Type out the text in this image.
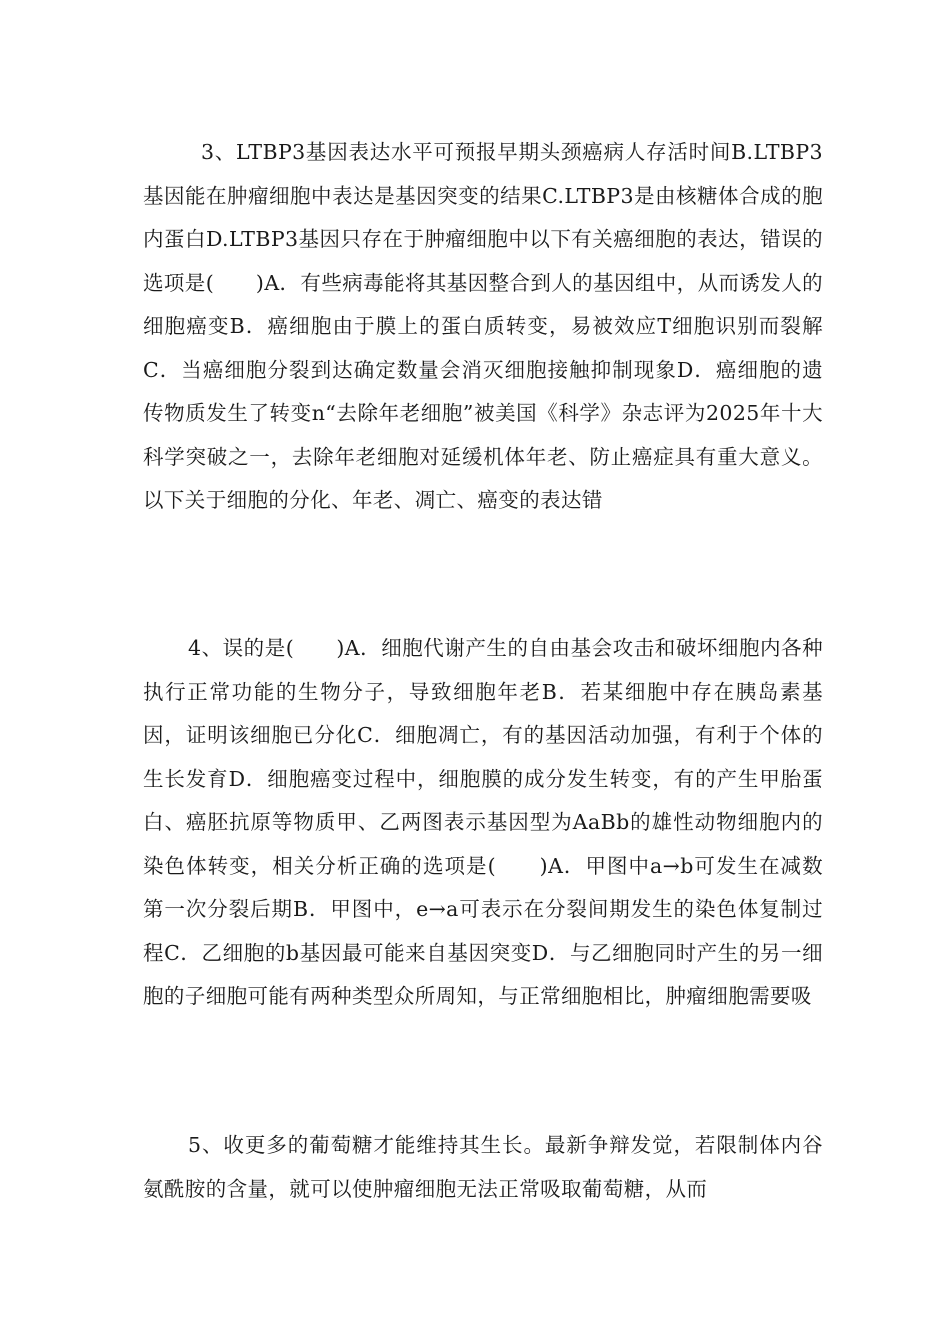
3、LTBP3基因表达水平可预报早期头颈癌病人存活时间B.LTBP3基因能在肿瘤细胞中表达是基因突变的结果C.LTBP3是由核糖体合成的胞内蛋白D.LTBP3基因只存在于肿瘤细胞中以下有关癌细胞的表达，错误的选项是(　　)A．有些病毒能将其基因整合到人的基因组中，从而诱发人的细胞癌变B．癌细胞由于膜上的蛋白质转变，易被效应T细胞识别而裂解C．当癌细胞分裂到达确定数量会消灭细胞接触抑制现象D．癌细胞的遗传物质发生了转变n“去除年老细胞”被美国《科学》杂志评为2025年十大科学突破之一，去除年老细胞对延缓机体年老、防止癌症具有重大意义。以下关于细胞的分化、年老、凋亡、癌变的表达错

4、误的是(　　)A．细胞代谢产生的自由基会攻击和破坏细胞内各种执行正常功能的生物分子，导致细胞年老B．若某细胞中存在胰岛素基因，证明该细胞已分化C．细胞凋亡，有的基因活动加强，有利于个体的生长发育D．细胞癌变过程中，细胞膜的成分发生转变，有的产生甲胎蛋白、癌胚抗原等物质甲、乙两图表示基因型为AaBb的雄性动物细胞内的染色体转变，相关分析正确的选项是(　　)A．甲图中a→b可发生在减数第一次分裂后期B．甲图中，e→a可表示在分裂间期发生的染色体复制过程C．乙细胞的b基因最可能来自基因突变D．与乙细胞同时产生的另一细胞的子细胞可能有两种类型众所周知，与正常细胞相比，肿瘤细胞需要吸

5、收更多的葡萄糖才能维持其生长。最新争辩发觉，若限制体内谷氨酰胺的含量，就可以使肿瘤细胞无法正常吸取葡萄糖，从而
